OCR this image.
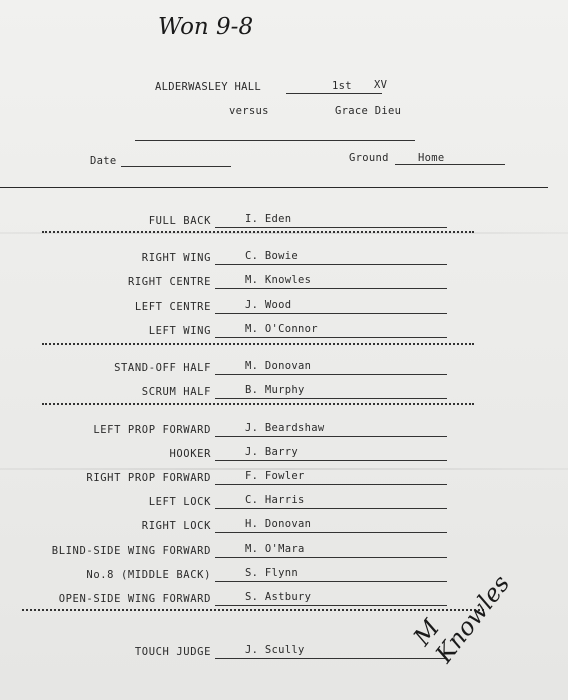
Won 9-8
ALDERWASLEY HALL	1st XV
versus	Grace Dieu
Date	Ground	Home
FULL BACK	I. Eden
RIGHT WING	C. Bowie
RIGHT CENTRE	M. Knowles
LEFT CENTRE	J. Wood
LEFT WING	M. O'Connor
STAND-OFF HALF	M. Donovan
SCRUM HALF	B. Murphy
LEFT PROP FORWARD	J. Beardshaw
HOOKER	J. Barry
RIGHT PROP FORWARD	F. Fowler
LEFT LOCK	C. Harris
RIGHT LOCK	H. Donovan
BLIND-SIDE WING FORWARD	M. O'Mara
No.8 (MIDDLE BACK)	S. Flynn
OPEN-SIDE WING FORWARD	S. Astbury
TOUCH JUDGE	J. Scully	M Knowles
